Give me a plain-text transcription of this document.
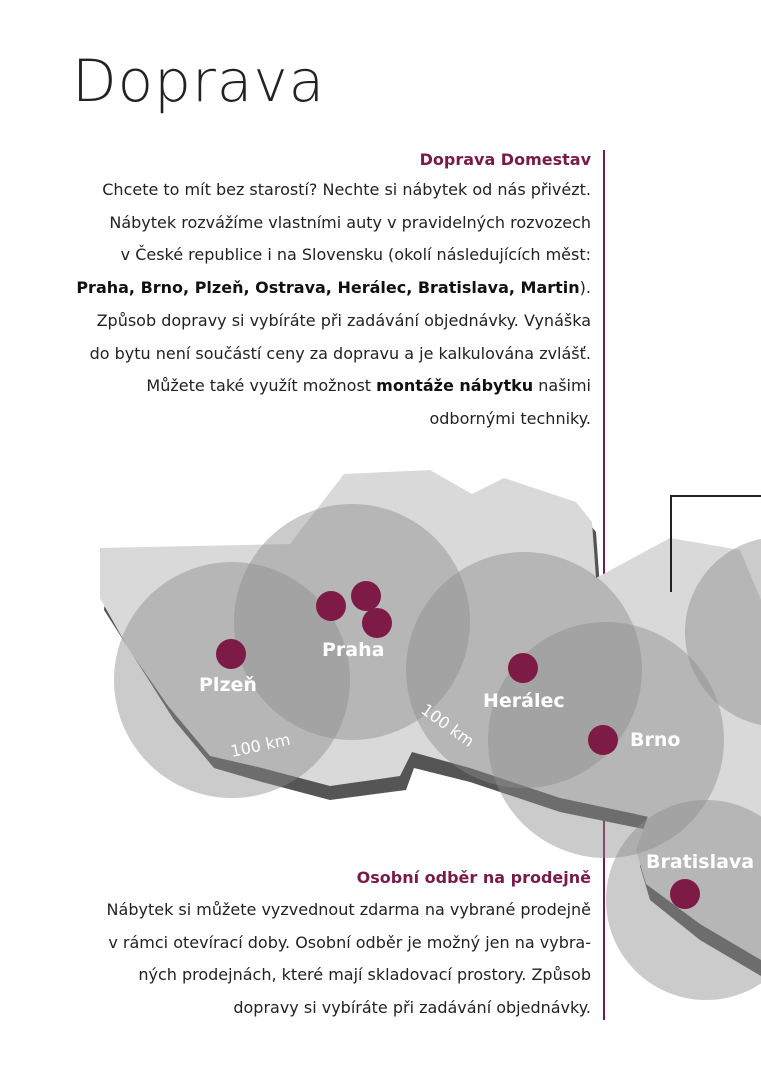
Doprava
Doprava Domestav
Chcete to mít bez starostí? Nechte si nábytek od nás přivézt.
Nábytek rozvážíme vlastními auty v pravidelných rozvozech
v České republice i na Slovensku (okolí následujících měst:
Praha, Brno, Plzeň, Ostrava, Herálec, Bratislava, Martin).
Způsob dopravy si vybíráte při zadávání objednávky. Vynáška
do bytu není součástí ceny za dopravu a je kalkulována zvlášť.
Můžete také využít možnost montáže nábytku našimi
odbornými techniky.
Osobní odběr na prodejně
Nábytek si můžete vyzvednout zdarma na vybrané prodejně
v rámci otevírací doby. Osobní odběr je možný jen na vybra-
ných prodejnách, které mají skladovací prostory. Způsob
dopravy si vybíráte při zadávání objednávky.
Praha
Plzeň
Herálec
Brno
Bratislava
100 km	100 km
